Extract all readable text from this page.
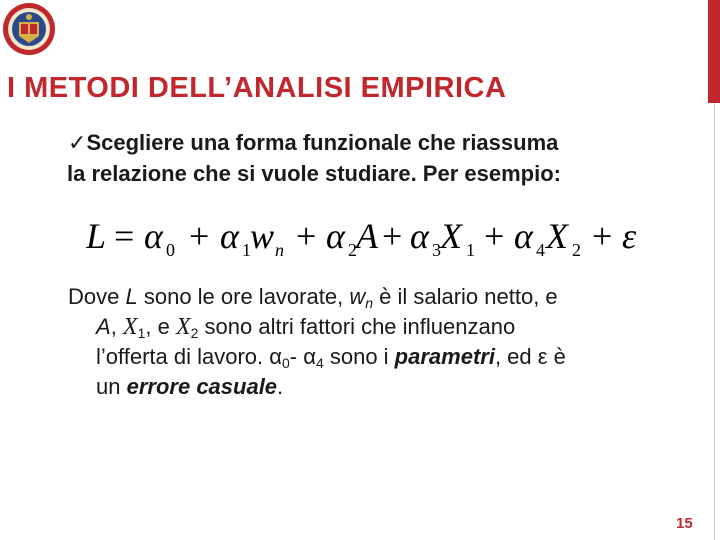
I METODI DELL’ANALISI EMPIRICA
✓Scegliere una forma funzionale che riassuma
la relazione che si vuole studiare. Per esempio:
L = α 0 + α 1 w n + α 2 A + α 3 X 1 + α 4 X 2 + ε
Dove L sono le ore lavorate, $w_n$ è il salario netto, e
A, $X_1$, e $X_2$ sono altri fattori che influenzano
l’offerta di lavoro. $\alpha_0-$ $\alpha_4$ sono i parametri, ed ε è
un errore casuale.
15
